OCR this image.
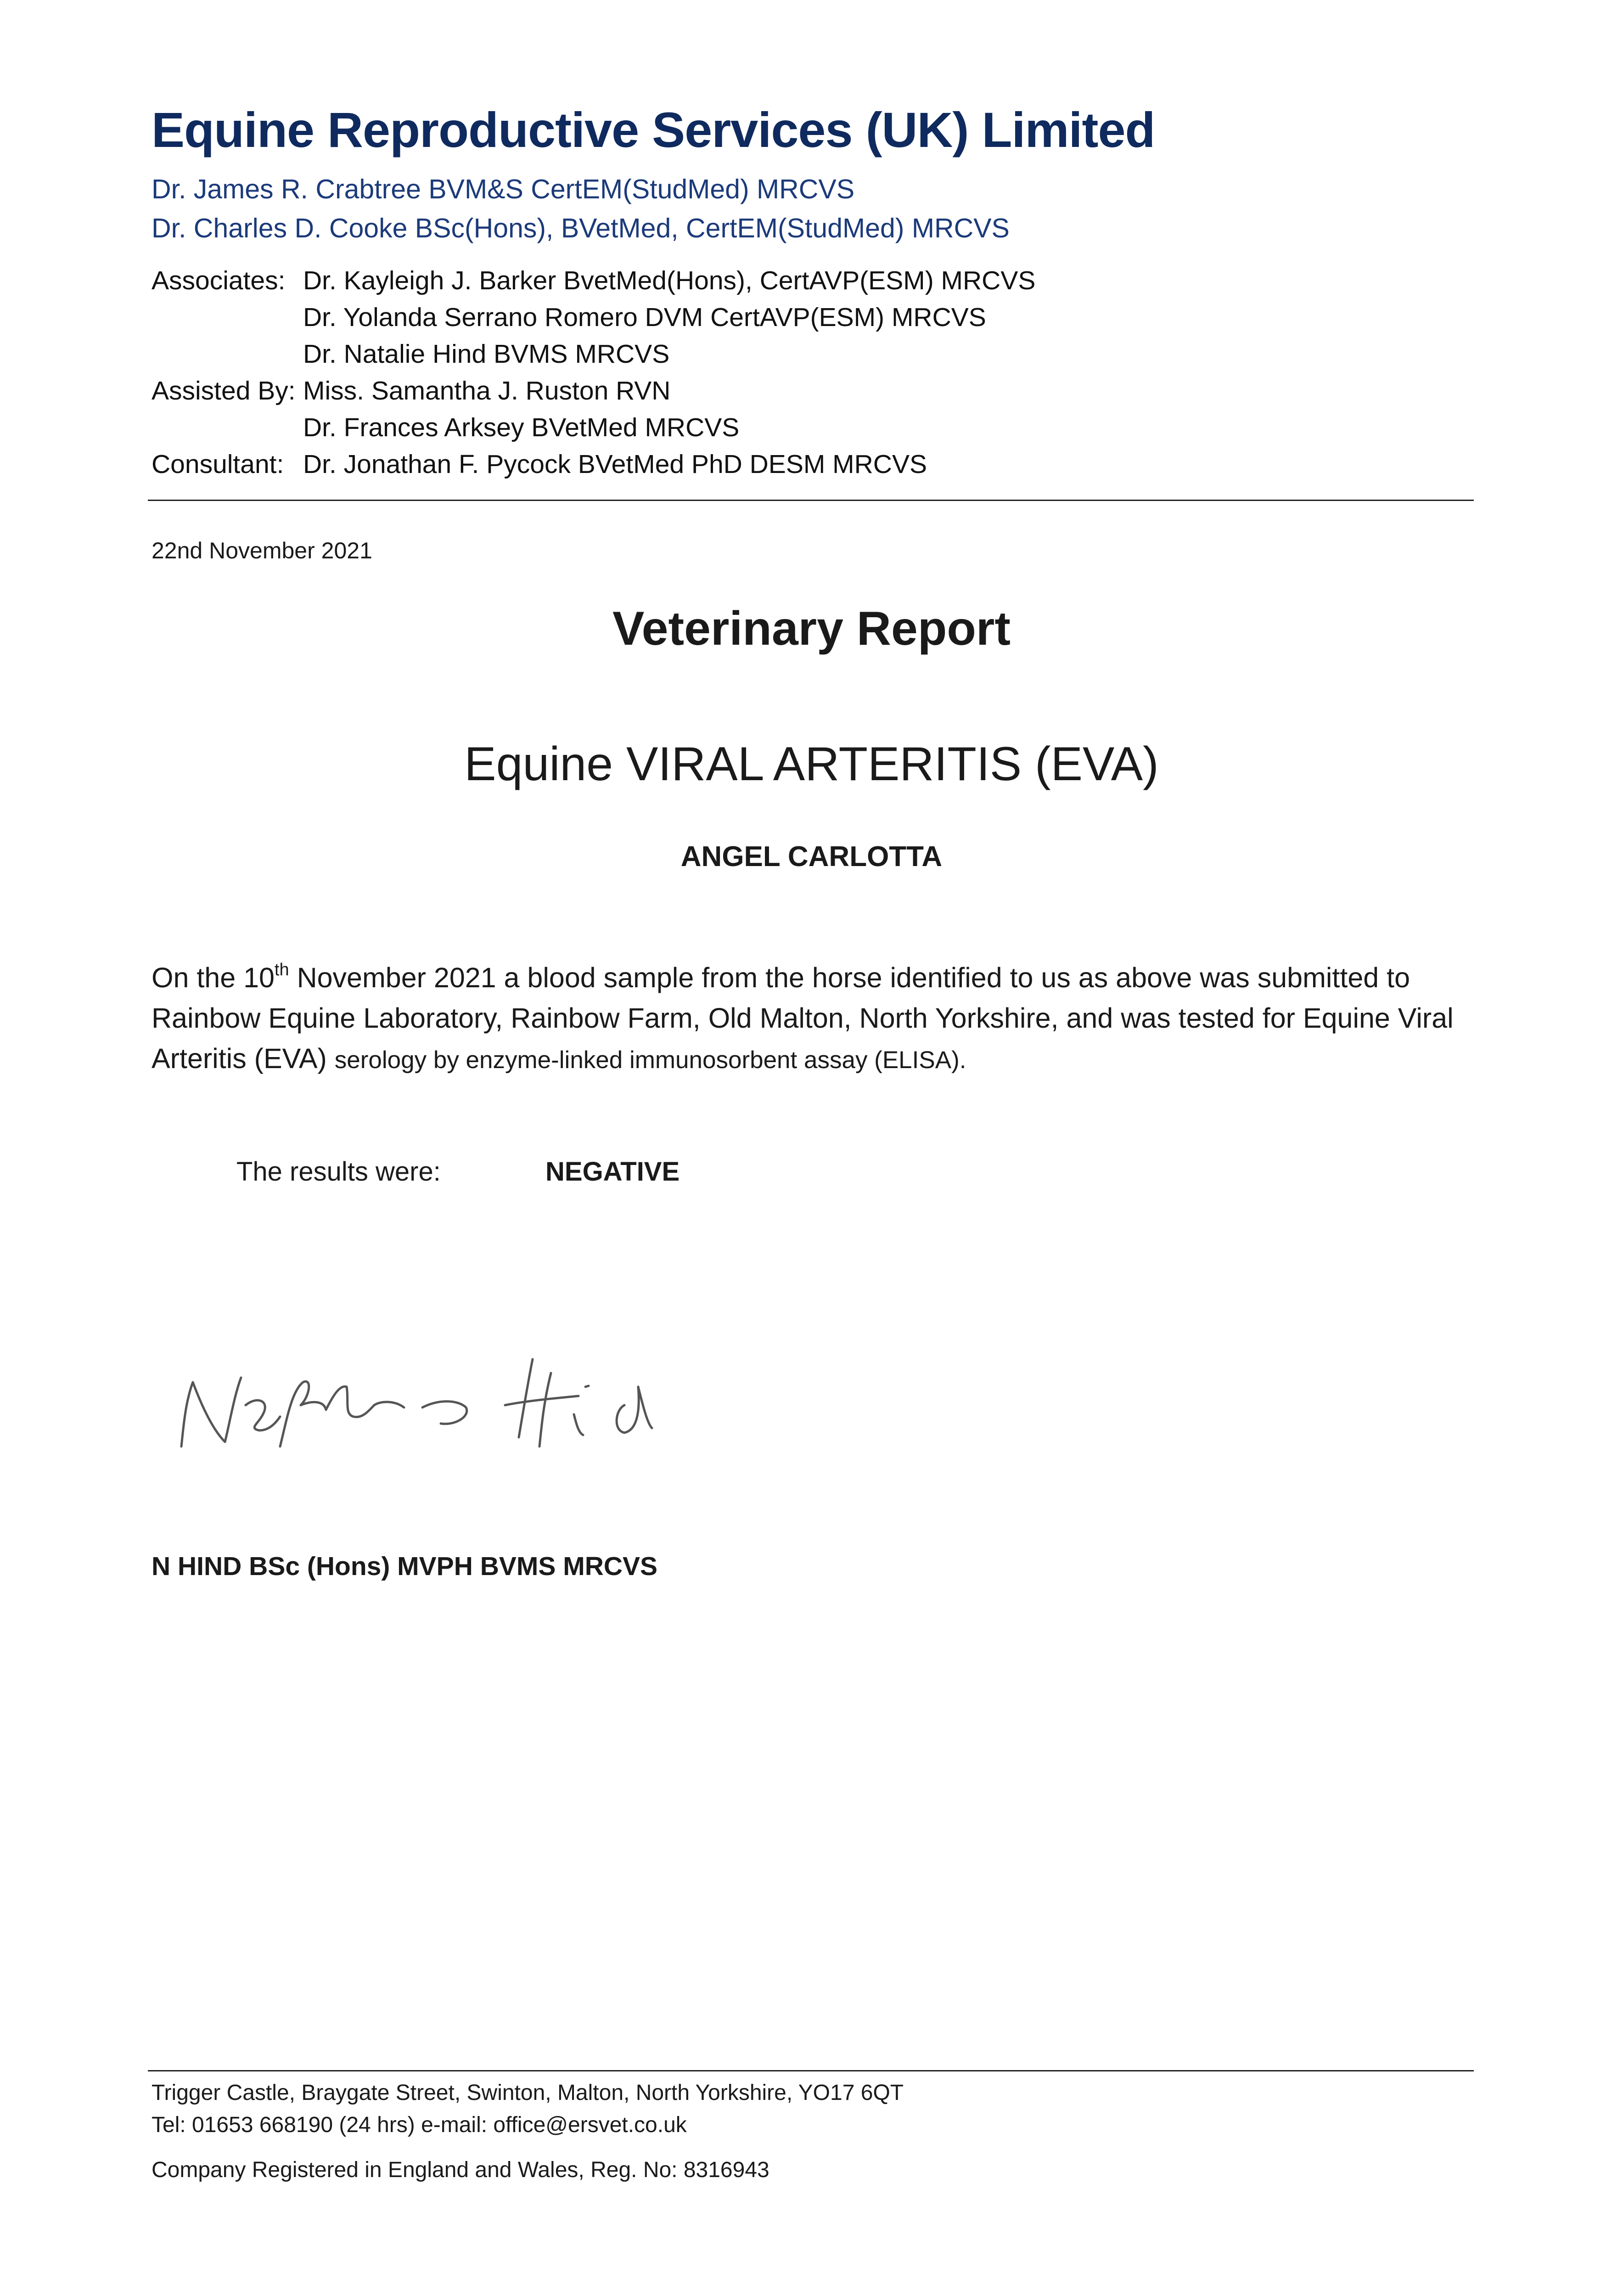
Equine Reproductive Services (UK) Limited
Dr. James R. Crabtree BVM&S CertEM(StudMed) MRCVS
Dr. Charles D. Cooke BSc(Hons), BVetMed, CertEM(StudMed) MRCVS
Associates: Dr. Kayleigh J. Barker BvetMed(Hons), CertAVP(ESM) MRCVS
Dr. Yolanda Serrano Romero DVM CertAVP(ESM) MRCVS
Dr. Natalie Hind BVMS MRCVS
Assisted By: Miss. Samantha J. Ruston RVN
Dr. Frances Arksey BVetMed MRCVS
Consultant: Dr. Jonathan F. Pycock BVetMed PhD DESM MRCVS
22nd November 2021
Veterinary Report
Equine VIRAL ARTERITIS (EVA)
ANGEL CARLOTTA
On the 10th November 2021 a blood sample from the horse identified to us as above was submitted to Rainbow Equine Laboratory, Rainbow Farm, Old Malton, North Yorkshire, and was tested for Equine Viral Arteritis (EVA) serology by enzyme-linked immunosorbent assay (ELISA).
The results were:	NEGATIVE
N HIND BSc (Hons) MVPH BVMS MRCVS
Trigger Castle, Braygate Street, Swinton, Malton, North Yorkshire, YO17 6QT
Tel: 01653 668190 (24 hrs) e-mail: office@ersvet.co.uk
Company Registered in England and Wales, Reg. No: 8316943
